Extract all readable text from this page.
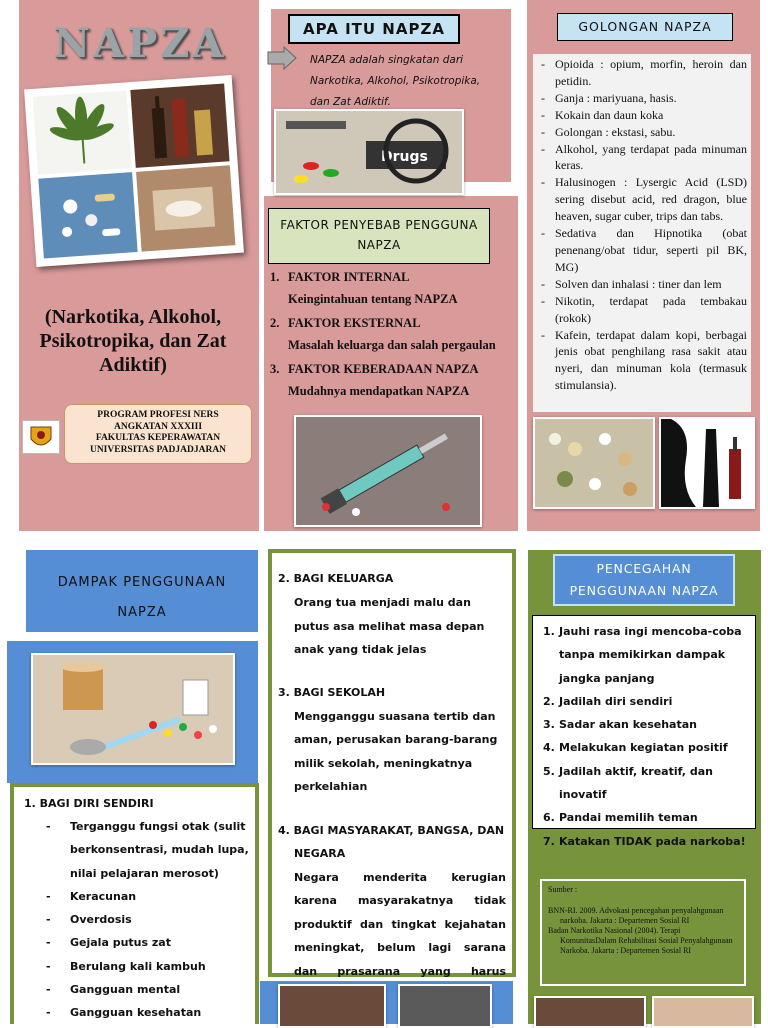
NAPZA
(Narkotika, Alkohol, Psikotropika, dan Zat Adiktif)
PROGRAM PROFESI NERS
ANGKATAN XXXIII
FAKULTAS KEPERAWATAN
UNIVERSITAS PADJADJARAN
APA ITU NAPZA
NAPZA adalah singkatan dari Narkotika, Alkohol, Psikotropika, dan Zat Adiktif.
Drugs
FAKTOR PENYEBAB PENGGUNA NAPZA
1. FAKTOR INTERNAL
Keingintahuan tentang NAPZA
2. FAKTOR EKSTERNAL
Masalah keluarga dan salah pergaulan
3. FAKTOR KEBERADAAN NAPZA
Mudahnya mendapatkan NAPZA
GOLONGAN NAPZA
- Opioida : opium, morfin, heroin dan petidin.
- Ganja : mariyuana, hasis.
- Kokain dan daun koka
- Golongan : ekstasi, sabu.
- Alkohol, yang terdapat pada minuman keras.
- Halusinogen : Lysergic Acid (LSD) sering disebut acid, red dragon, blue heaven, sugar cuber, trips dan tabs.
- Sedativa dan Hipnotika (obat penenang/obat tidur, seperti pil BK, MG)
- Solven dan inhalasi : tiner dan lem
- Nikotin, terdapat pada tembakau (rokok)
- Kafein, terdapat dalam kopi, berbagai jenis obat penghilang rasa sakit atau nyeri, dan minuman kola (termasuk stimulansia).
DAMPAK PENGGUNAAN NAPZA
1. BAGI DIRI SENDIRI
- Terganggu fungsi otak (sulit berkonsentrasi, mudah lupa, nilai pelajaran merosot)
- Keracunan
- Overdosis
- Gejala putus zat
- Berulang kali kambuh
- Gangguan mental
- Gangguan kesehatan
2. BAGI KELUARGA
Orang tua menjadi malu dan putus asa melihat masa depan anak yang tidak jelas
3. BAGI SEKOLAH
Mengganggu suasana tertib dan aman, perusakan barang-barang milik sekolah, meningkatnya perkelahian
4. BAGI MASYARAKAT, BANGSA, DAN NEGARA
Negara menderita kerugian karena masyarakatnya tidak produktif dan tingkat kejahatan meningkat, belum lagi sarana dan prasarana yang harus
PENCEGAHAN PENGGUNAAN NAPZA
1. Jauhi rasa ingi mencoba-coba tanpa memikirkan dampak jangka panjang
2. Jadilah diri sendiri
3. Sadar akan kesehatan
4. Melakukan kegiatan positif
5. Jadilah aktif, kreatif, dan inovatif
6. Pandai memilih teman
7. Katakan TIDAK pada narkoba!
Sumber :
BNN-RI. 2009. Advokasi pencegahan penyalahgunaan narkoba. Jakarta : Departemen Sosial RI
Badan Narkotika Nasional (2004). Terapi KomunitasDalam Rehabilitasi Sosial Penyalahgunaan Narkoba. Jakarta : Departemen Sosial RI
